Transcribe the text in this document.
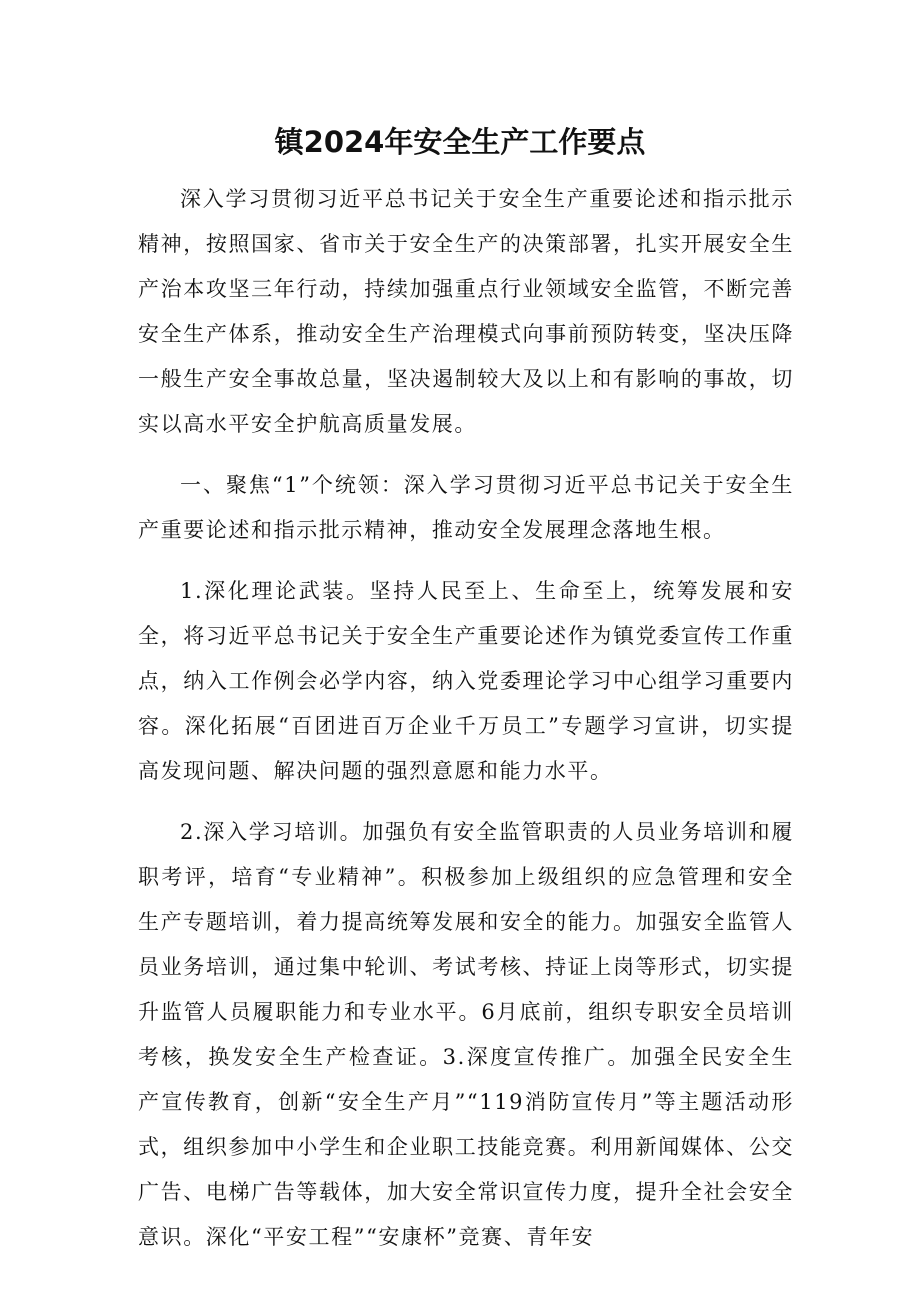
镇2024年安全生产工作要点

深入学习贯彻习近平总书记关于安全生产重要论述和指示批示精神，按照国家、省市关于安全生产的决策部署，扎实开展安全生产治本攻坚三年行动，持续加强重点行业领域安全监管，不断完善安全生产体系，推动安全生产治理模式向事前预防转变，坚决压降一般生产安全事故总量，坚决遏制较大及以上和有影响的事故，切实以高水平安全护航高质量发展。

一、聚焦“1”个统领：深入学习贯彻习近平总书记关于安全生产重要论述和指示批示精神，推动安全发展理念落地生根。

1.深化理论武装。坚持人民至上、生命至上，统筹发展和安全，将习近平总书记关于安全生产重要论述作为镇党委宣传工作重点，纳入工作例会必学内容，纳入党委理论学习中心组学习重要内容。深化拓展“百团进百万企业千万员工”专题学习宣讲，切实提高发现问题、解决问题的强烈意愿和能力水平。

2.深入学习培训。加强负有安全监管职责的人员业务培训和履职考评，培育“专业精神”。积极参加上级组织的应急管理和安全生产专题培训，着力提高统筹发展和安全的能力。加强安全监管人员业务培训，通过集中轮训、考试考核、持证上岗等形式，切实提升监管人员履职能力和专业水平。6月底前，组织专职安全员培训考核，换发安全生产检查证。3.深度宣传推广。加强全民安全生产宣传教育，创新“安全生产月”“119消防宣传月”等主题活动形式，组织参加中小学生和企业职工技能竞赛。利用新闻媒体、公交广告、电梯广告等载体，加大安全常识宣传力度，提升全社会安全意识。深化“平安工程”“安康杯”竞赛、青年安
